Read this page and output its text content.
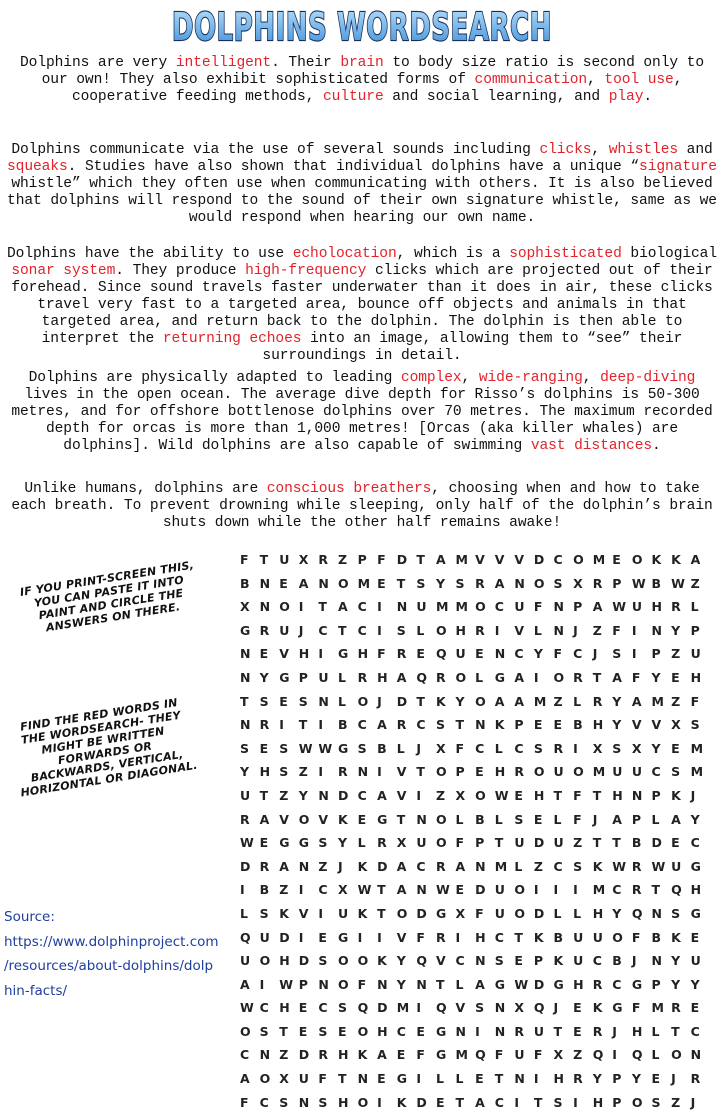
DOLPHINS WORDSEARCH

Dolphins are very intelligent. Their brain to body size ratio is second only to our own! They also exhibit sophisticated forms of communication, tool use, cooperative feeding methods, culture and social learning, and play.

Dolphins communicate via the use of several sounds including clicks, whistles and squeaks. Studies have also shown that individual dolphins have a unique “signature whistle” which they often use when communicating with others. It is also believed that dolphins will respond to the sound of their own signature whistle, same as we would respond when hearing our own name.

Dolphins have the ability to use echolocation, which is a sophisticated biological sonar system. They produce high-frequency clicks which are projected out of their forehead. Since sound travels faster underwater than it does in air, these clicks travel very fast to a targeted area, bounce off objects and animals in that targeted area, and return back to the dolphin. The dolphin is then able to interpret the returning echoes into an image, allowing them to “see” their surroundings in detail.

Dolphins are physically adapted to leading complex, wide-ranging, deep-diving lives in the open ocean. The average dive depth for Risso’s dolphins is 50-300 metres, and for offshore bottlenose dolphins over 70 metres. The maximum recorded depth for orcas is more than 1,000 metres! [Orcas (aka killer whales) are dolphins]. Wild dolphins are also capable of swimming vast distances.

Unlike humans, dolphins are conscious breathers, choosing when and how to take each breath. To prevent drowning while sleeping, only half of the dolphin’s brain shuts down while the other half remains awake!

IF YOU PRINT-SCREEN THIS, YOU CAN PASTE IT INTO PAINT AND CIRCLE THE ANSWERS ON THERE.
FIND THE RED WORDS IN THE WORDSEARCH- THEY MIGHT BE WRITTEN FORWARDS OR BACKWARDS, VERTICAL, HORIZONTAL OR DIAGONAL.
Source:
https://www.dolphinproject.com
/resources/about-dolphins/dolp
hin-facts/
F T U X R Z P F D T A M V V V D C O M E O K K A
B N E A N O M E T S Y S R A N O S X R P W B W Z
X N O I	T A C I	N U M M O C U F N P A W U H R L
G R U J	C T C I	S L O H R I	V L N J	Z F I	N Y P
N E V H I	G H F R E Q U E N C Y F C J	S I	P Z U
N Y G P U L R H A Q R O L G A I	O R T A F Y E H
T S E S N L O J	D T K Y O A A M Z L R Y A M Z F
N R I	T I	B C A R C S T N K P E E B H Y V V X S
S E S W W G S B L J	X F C L C S R I	X S X Y E M
Y H S Z I	R N I	V T O P E H R O U O M U U C S M
U T Z Y N D C A V I	Z X O W E H T F T H N P K J
R A V O V K E G T N O L B L S E L F J	A P L A Y
W E G G S Y L R X U O F P T U D U Z T T B D E C
D R A N Z J	K D A C R A N M L Z C S K W R W U G
I	B Z I	C X W T A N W E D U O I	I	I	M C R T Q H
L S K V I	U K T O D G X F U O D L L H Y Q N S G
Q U D I	E G I	I	V F R I	H C T K B U U O F B K E
U O H D S O O K Y Q V C N S E P K U C B J	N Y U
A I	W P N O F N Y N T L A G W D G H R C G P Y Y
W C H E C S Q D M I	Q V S N X Q J	E K G F M R E
O S T E S E O H C E G N I	N R U T E R J	H L T C
C N Z D R H K A E F G M Q F U F X Z Q I	Q L O N
A O X U F T N E G I	L L E T N I	H R Y P Y E J	R
F C S N S H O I	K D E T A C I	T S I	H P O S Z J
